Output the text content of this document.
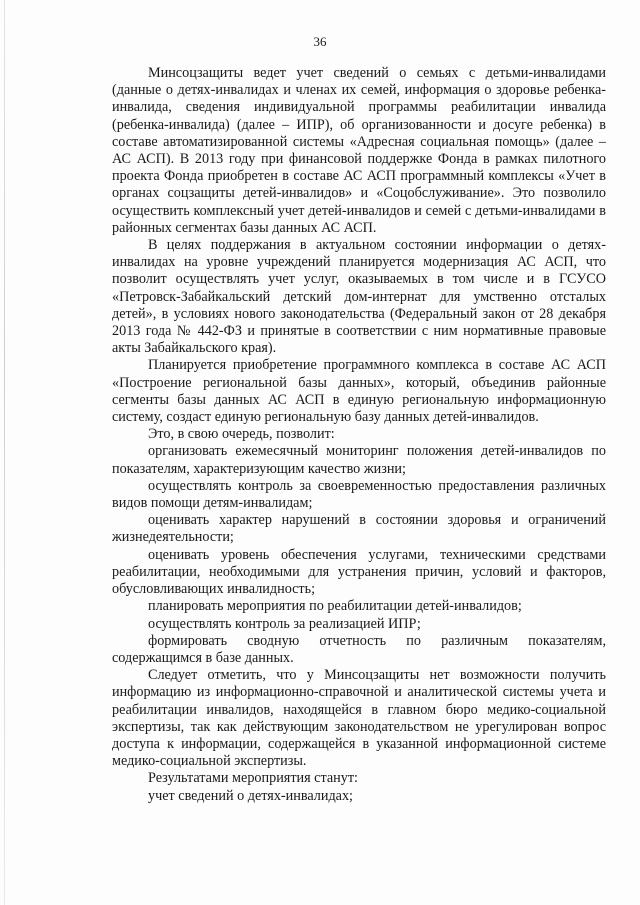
36

Минсоцзащиты ведет учет сведений о семьях с детьми-инвалидами (данные о детях-инвалидах и членах их семей, информация о здоровье ребенка-инвалида, сведения индивидуальной программы реабилитации инвалида (ребенка-инвалида) (далее – ИПР), об организованности и досуге ребенка) в составе автоматизированной системы «Адресная социальная помощь» (далее – АС АСП). В 2013 году при финансовой поддержке Фонда в рамках пилотного проекта Фонда приобретен в составе АС АСП программный комплексы «Учет в органах соцзащиты детей-инвалидов» и «Соцобслуживание». Это позволило осуществить комплексный учет детей-инвалидов и семей с детьми-инвалидами в районных сегментах базы данных АС АСП.

В целях поддержания в актуальном состоянии информации о детях-инвалидах на уровне учреждений планируется модернизация АС АСП, что позволит осуществлять учет услуг, оказываемых в том числе и в ГСУСО «Петровск-Забайкальский детский дом-интернат для умственно отсталых детей», в условиях нового законодательства (Федеральный закон от 28 декабря 2013 года № 442-ФЗ и принятые в соответствии с ним нормативные правовые акты Забайкальского края).

Планируется приобретение программного комплекса в составе АС АСП «Построение региональной базы данных», который, объединив районные сегменты базы данных АС АСП в единую региональную информационную систему, создаст единую региональную базу данных детей-инвалидов.

Это, в свою очередь, позволит:

организовать ежемесячный мониторинг положения детей-инвалидов по показателям, характеризующим качество жизни;

осуществлять контроль за своевременностью предоставления различных видов помощи детям-инвалидам;

оценивать характер нарушений в состоянии здоровья и ограничений жизнедеятельности;

оценивать уровень обеспечения услугами, техническими средствами реабилитации, необходимыми для устранения причин, условий и факторов, обусловливающих инвалидность;

планировать мероприятия по реабилитации детей-инвалидов;

осуществлять контроль за реализацией ИПР;

формировать сводную отчетность по различным показателям, содержащимся в базе данных.

Следует отметить, что у Минсоцзащиты нет возможности получить информацию из информационно-справочной и аналитической системы учета и реабилитации инвалидов, находящейся в главном бюро медико-социальной экспертизы, так как действующим законодательством не урегулирован вопрос доступа к информации, содержащейся в указанной информационной системе медико-социальной экспертизы.

Результатами мероприятия станут:

учет сведений о детях-инвалидах;
